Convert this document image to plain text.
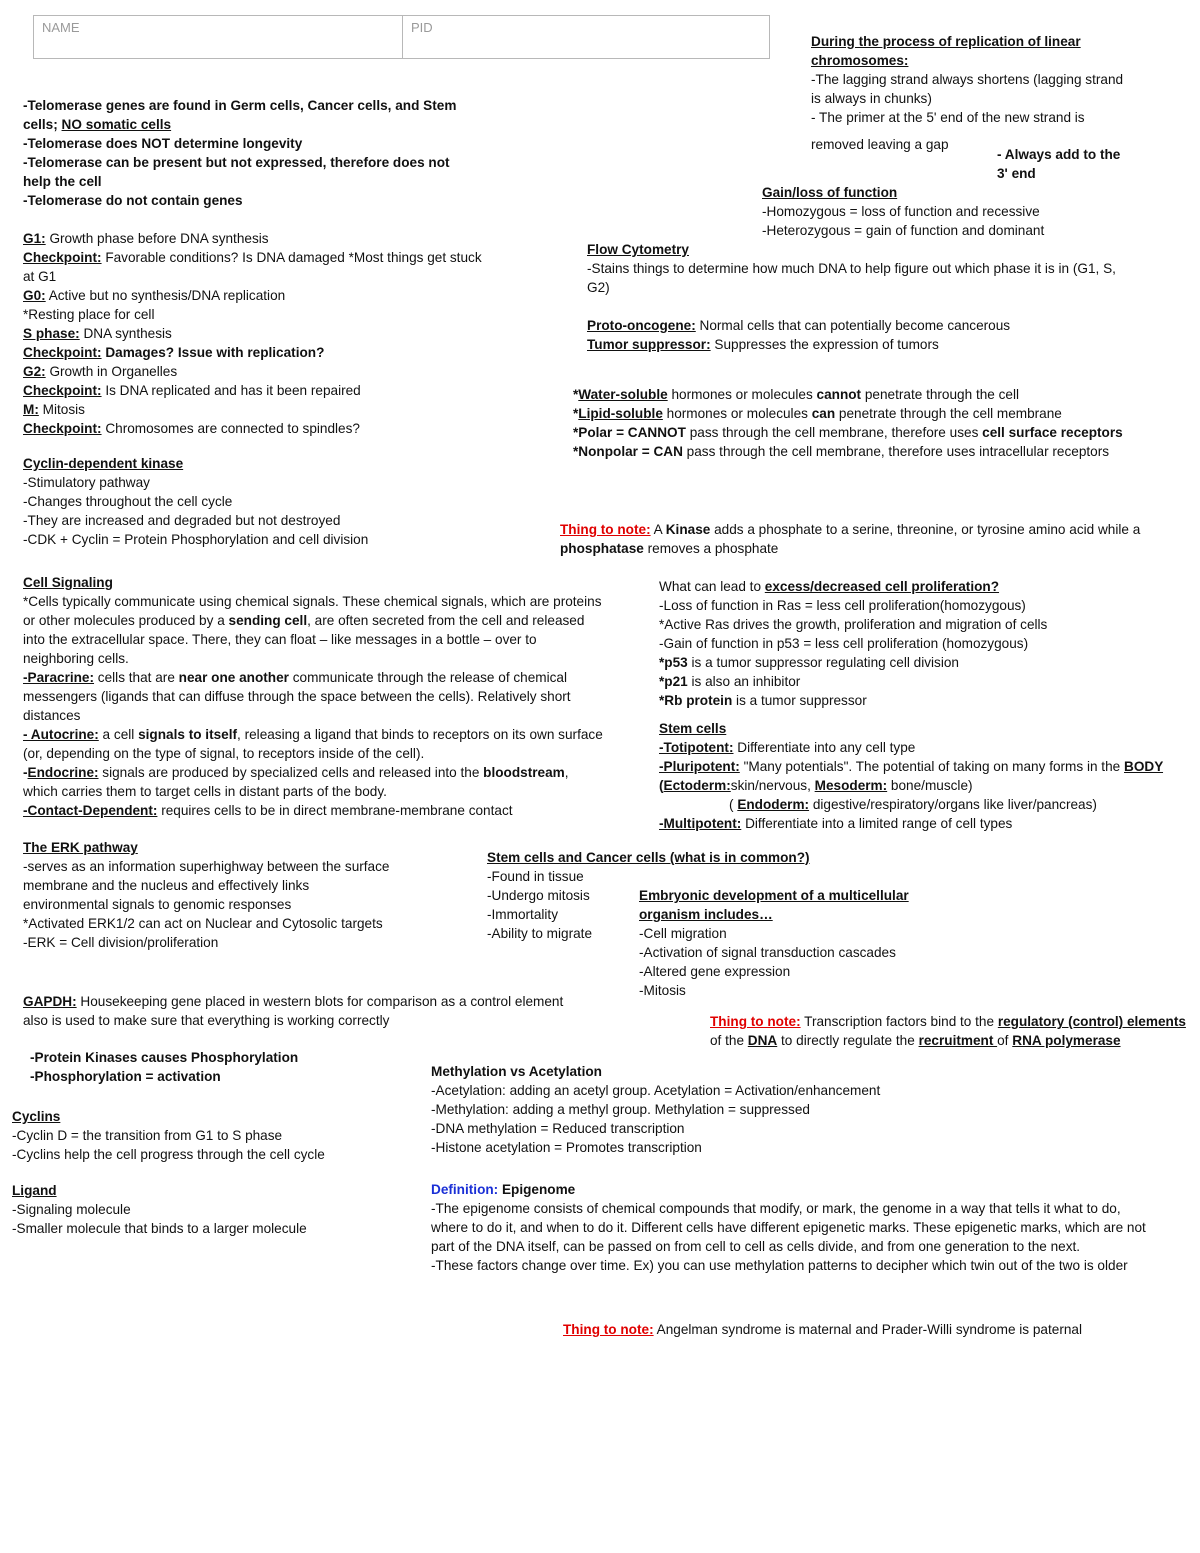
NAME	PID

During the process of replication of linear chromosomes:

-The lagging strand always shortens (lagging strand is always in chunks)

- The primer at the 5' end of the new strand is

removed leaving a gap

- Always add to the 3' end

Gain/loss of function

-Homozygous = loss of function and recessive

-Heterozygous = gain of function and dominant

Flow Cytometry

-Stains things to determine how much DNA to help figure out which phase it is in (G1, S, G2)

Proto-oncogene: Normal cells that can potentially become cancerous

Tumor suppressor: Suppresses the expression of tumors

-Telomerase genes are found in Germ cells, Cancer cells, and Stem cells; NO somatic cells

-Telomerase does NOT determine longevity

-Telomerase can be present but not expressed, therefore does not help the cell

-Telomerase do not contain genes

G1: Growth phase before DNA synthesis

Checkpoint: Favorable conditions? Is DNA damaged *Most things get stuck at G1

G0: Active but no synthesis/DNA replication

*Resting place for cell

S phase: DNA synthesis

Checkpoint: Damages? Issue with replication?

G2: Growth in Organelles

Checkpoint: Is DNA replicated and has it been repaired

M: Mitosis

Checkpoint: Chromosomes are connected to spindles?

*Water-soluble hormones or molecules cannot penetrate through the cell

*Lipid-soluble hormones or molecules can penetrate through the cell membrane

*Polar = CANNOT pass through the cell membrane, therefore uses cell surface receptors

*Nonpolar = CAN pass through the cell membrane, therefore uses intracellular receptors

Cyclin-dependent kinase

-Stimulatory pathway

-Changes throughout the cell cycle

-They are increased and degraded but not destroyed

-CDK + Cyclin = Protein Phosphorylation and cell division

Thing to note: A Kinase adds a phosphate to a serine, threonine, or tyrosine amino acid while a phosphatase removes a phosphate

Cell Signaling

*Cells typically communicate using chemical signals. These chemical signals, which are proteins or other molecules produced by a sending cell, are often secreted from the cell and released into the extracellular space. There, they can float – like messages in a bottle – over to neighboring cells.

-Paracrine: cells that are near one another communicate through the release of chemical messengers (ligands that can diffuse through the space between the cells). Relatively short distances

- Autocrine: a cell signals to itself, releasing a ligand that binds to receptors on its own surface (or, depending on the type of signal, to receptors inside of the cell).

-Endocrine: signals are produced by specialized cells and released into the bloodstream, which carries them to target cells in distant parts of the body.

-Contact-Dependent: requires cells to be in direct membrane-membrane contact

What can lead to excess/decreased cell proliferation?

-Loss of function in Ras = less cell proliferation(homozygous)

*Active Ras drives the growth, proliferation and migration of cells

-Gain of function in p53 = less cell proliferation (homozygous)

*p53 is a tumor suppressor regulating cell division

*p21 is also an inhibitor

*Rb protein is a tumor suppressor

Stem cells

-Totipotent: Differentiate into any cell type

-Pluripotent: "Many potentials". The potential of taking on many forms in the BODY (Ectoderm:skin/nervous, Mesoderm: bone/muscle)

( Endoderm: digestive/respiratory/organs like liver/pancreas)

-Multipotent: Differentiate into a limited range of cell types

The ERK pathway

-serves as an information superhighway between the surface membrane and the nucleus and effectively links environmental signals to genomic responses

*Activated ERK1/2 can act on Nuclear and Cytosolic targets

-ERK = Cell division/proliferation

Stem cells and Cancer cells (what is in common?)

-Found in tissue

-Undergo mitosis

-Immortality

-Ability to migrate

Embryonic development of a multicellular organism includes…

-Cell migration

-Activation of signal transduction cascades

-Altered gene expression

-Mitosis

GAPDH: Housekeeping gene placed in western blots for comparison as a control element also is used to make sure that everything is working correctly	Thing to note: Transcription factors bind to the regulatory (control) elements of the DNA to directly regulate the recruitment of RNA polymerase

-Protein Kinases causes Phosphorylation

-Phosphorylation = activation	Methylation vs Acetylation

-Acetylation: adding an acetyl group. Acetylation = Activation/enhancement

-Methylation: adding a methyl group. Methylation = suppressed

-DNA methylation = Reduced transcription

-Histone acetylation = Promotes transcription

Cyclins

-Cyclin D = the transition from G1 to S phase

-Cyclins help the cell progress through the cell cycle

Ligand

-Signaling molecule

-Smaller molecule that binds to a larger molecule

Definition: Epigenome

-The epigenome consists of chemical compounds that modify, or mark, the genome in a way that tells it what to do, where to do it, and when to do it. Different cells have different epigenetic marks. These epigenetic marks, which are not part of the DNA itself, can be passed on from cell to cell as cells divide, and from one generation to the next.

-These factors change over time. Ex) you can use methylation patterns to decipher which twin out of the two is older

Thing to note: Angelman syndrome is maternal and Prader-Willi syndrome is paternal
